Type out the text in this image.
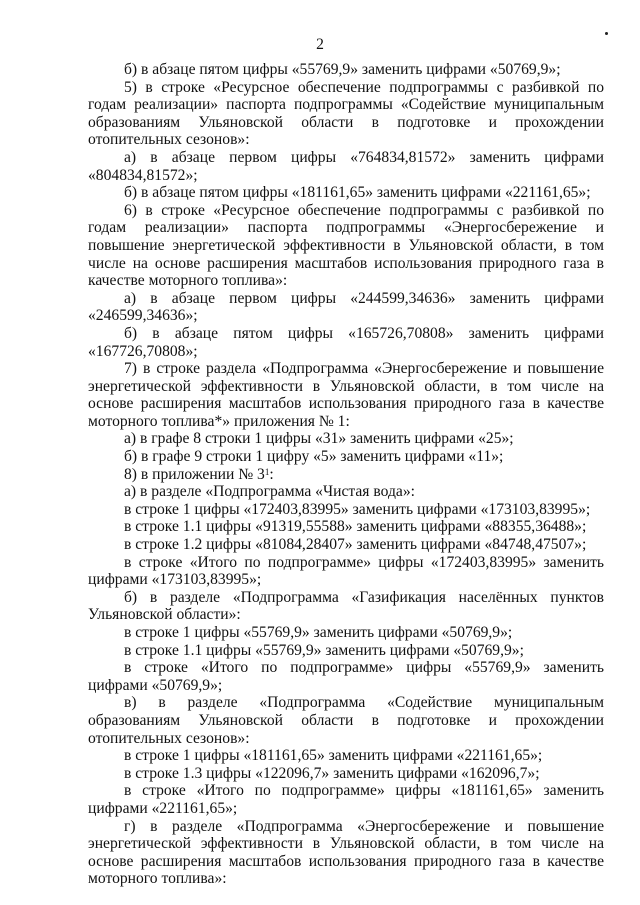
2

б) в абзаце пятом цифры «55769,9» заменить цифрами «50769,9»;

5) в строке «Ресурсное обеспечение подпрограммы с разбивкой по годам реализации» паспорта подпрограммы «Содействие муниципальным образованиям Ульяновской области в подготовке и прохождении отопительных сезонов»:

а) в абзаце первом цифры «764834,81572» заменить цифрами «804834,81572»;

б) в абзаце пятом цифры «181161,65» заменить цифрами «221161,65»;

6) в строке «Ресурсное обеспечение подпрограммы с разбивкой по годам реализации» паспорта подпрограммы «Энергосбережение и повышение энергетической эффективности в Ульяновской области, в том числе на основе расширения масштабов использования природного газа в качестве моторного топлива»:

а) в абзаце первом цифры «244599,34636» заменить цифрами «246599,34636»;

б) в абзаце пятом цифры «165726,70808» заменить цифрами «167726,70808»;

7) в строке раздела «Подпрограмма «Энергосбережение и повышение энергетической эффективности в Ульяновской области, в том числе на основе расширения масштабов использования природного газа в качестве моторного топлива*» приложения № 1:

а) в графе 8 строки 1 цифры «31» заменить цифрами «25»;

б) в графе 9 строки 1 цифру «5» заменить цифрами «11»;

8) в приложении № $3^1$:

а) в разделе «Подпрограмма «Чистая вода»:

в строке 1 цифры «172403,83995» заменить цифрами «173103,83995»;

в строке 1.1 цифры «91319,55588» заменить цифрами «88355,36488»;

в строке 1.2 цифры «81084,28407» заменить цифрами «84748,47507»;

в строке «Итого по подпрограмме» цифры «172403,83995» заменить цифрами «173103,83995»;

б) в разделе «Подпрограмма «Газификация населённых пунктов Ульяновской области»:

в строке 1 цифры «55769,9» заменить цифрами «50769,9»;

в строке 1.1 цифры «55769,9» заменить цифрами «50769,9»;

в строке «Итого по подпрограмме» цифры «55769,9» заменить цифрами «50769,9»;

в) в разделе «Подпрограмма «Содействие муниципальным образованиям Ульяновской области в подготовке и прохождении отопительных сезонов»:

в строке 1 цифры «181161,65» заменить цифрами «221161,65»;

в строке 1.3 цифры «122096,7» заменить цифрами «162096,7»;

в строке «Итого по подпрограмме» цифры «181161,65» заменить цифрами «221161,65»;

г) в разделе «Подпрограмма «Энергосбережение и повышение энергетической эффективности в Ульяновской области, в том числе на основе расширения масштабов использования природного газа в качестве моторного топлива»:
